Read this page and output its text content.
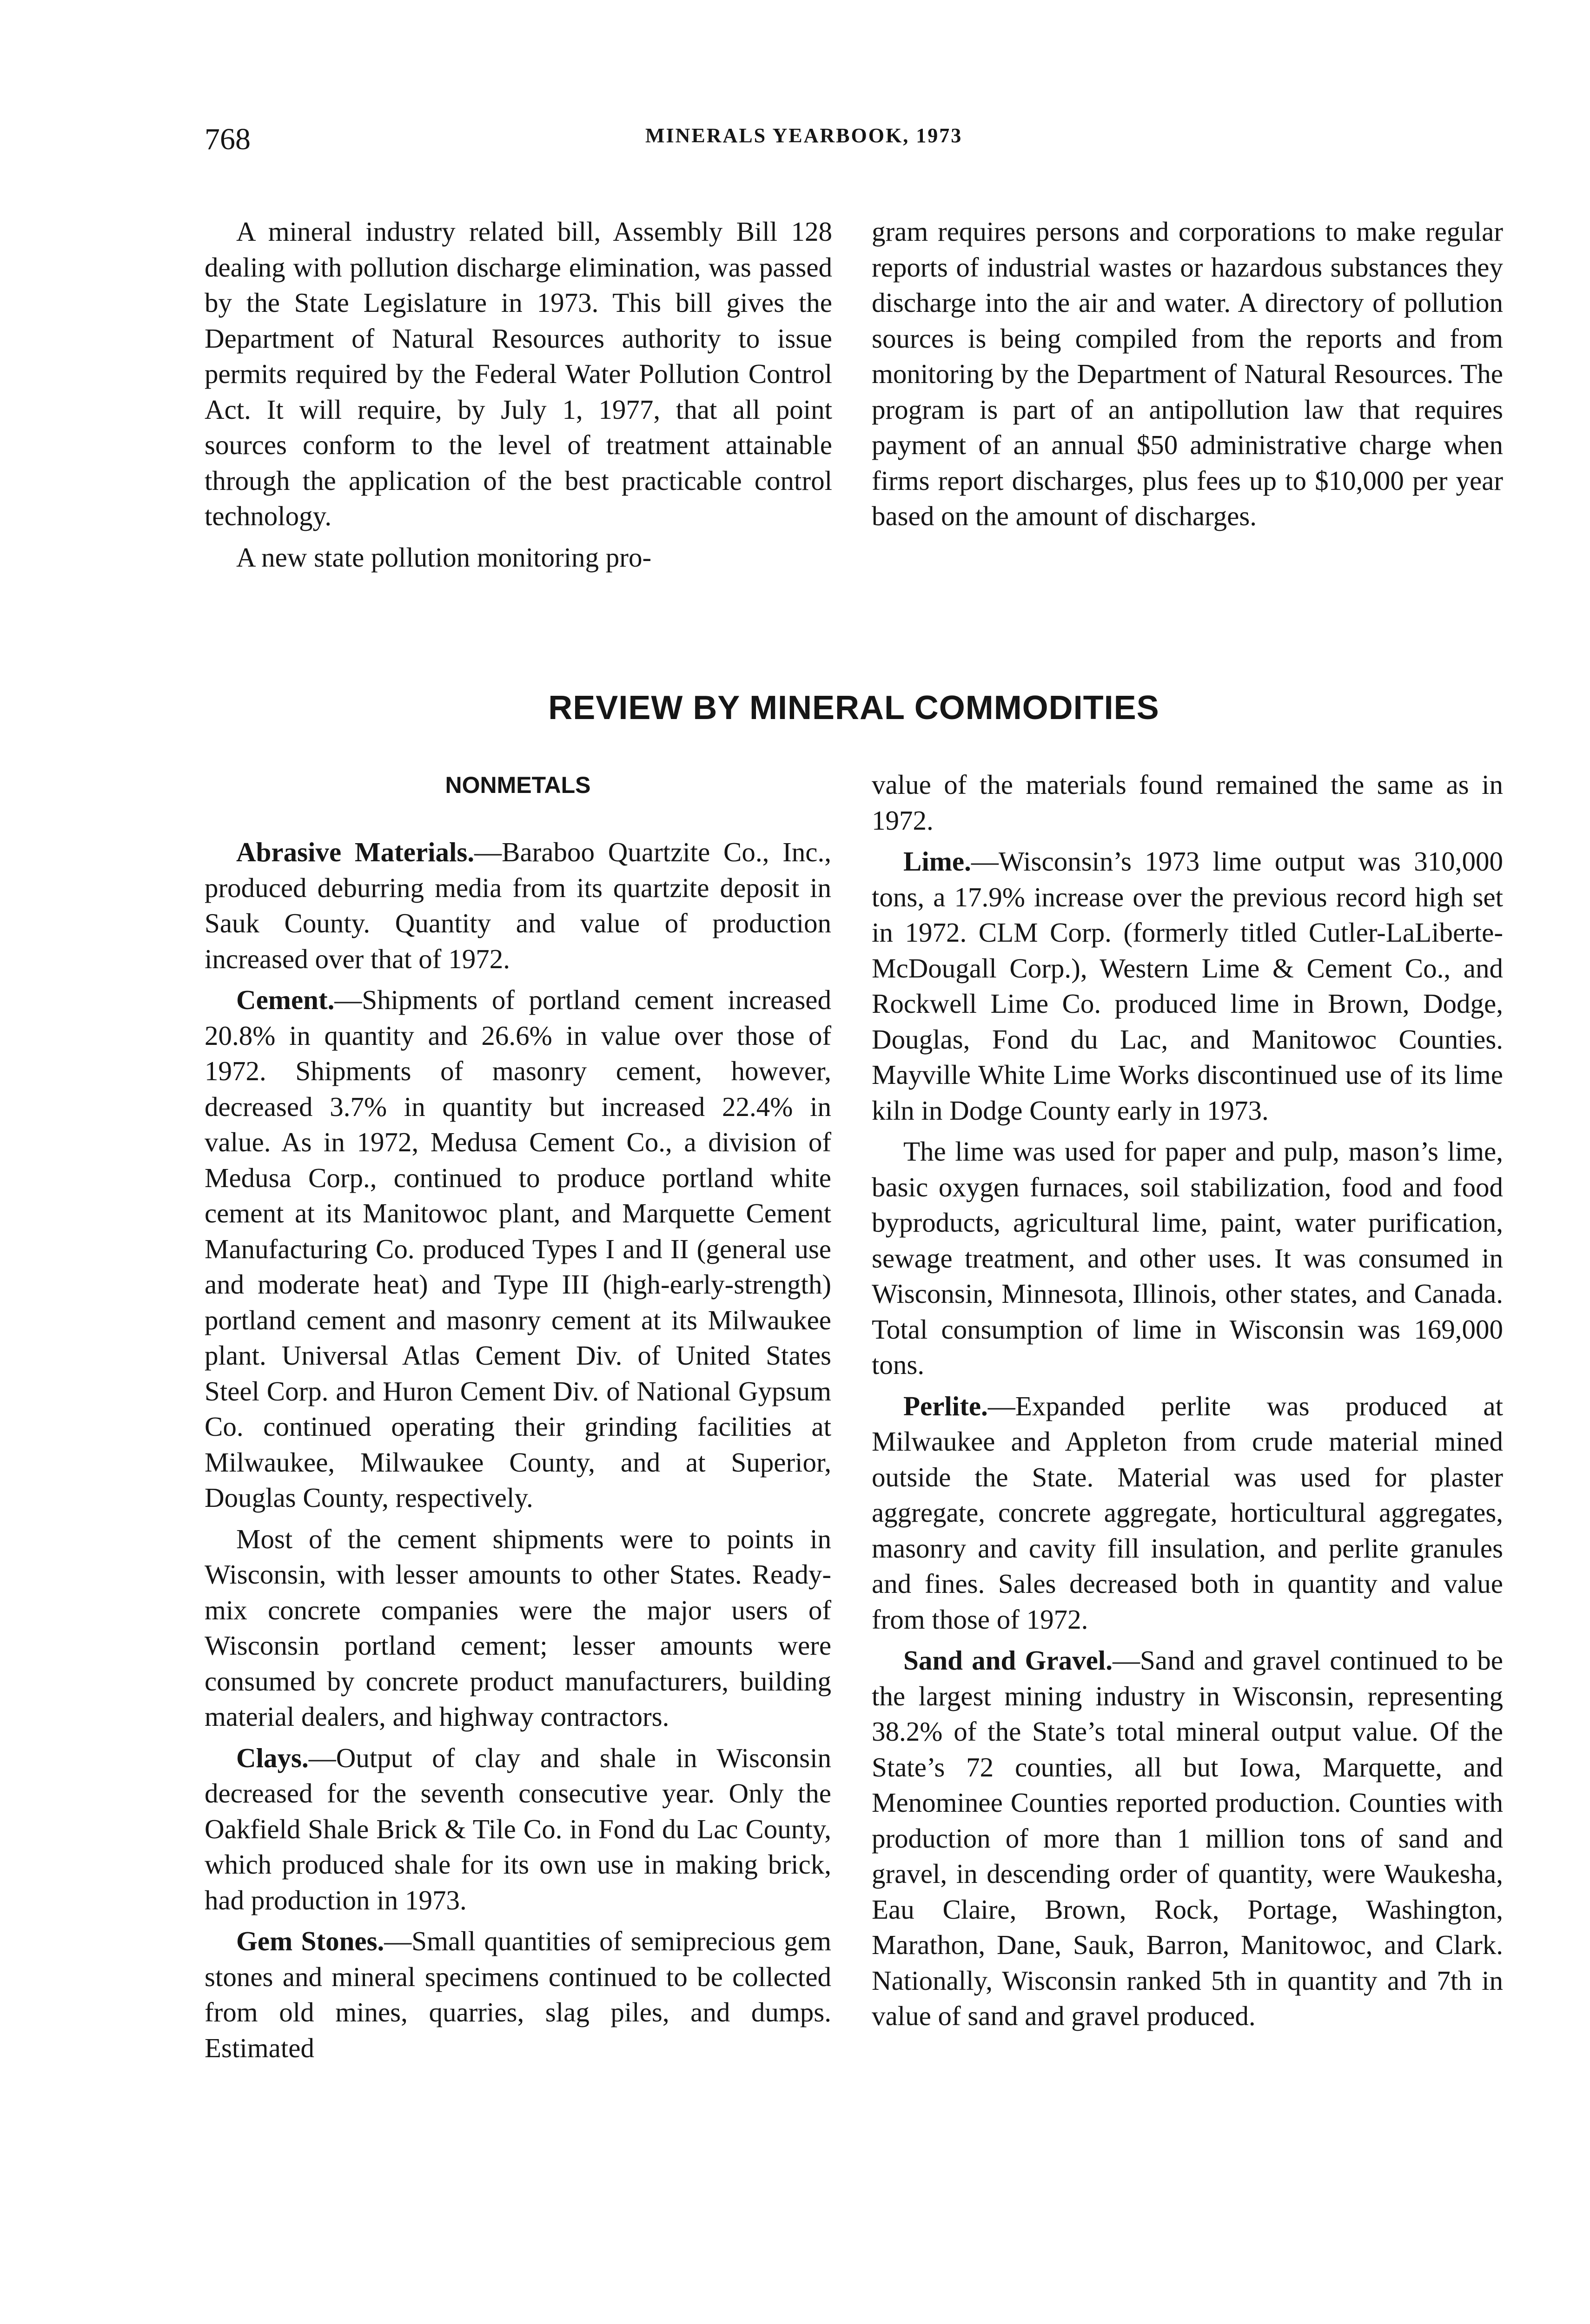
768	MINERALS YEARBOOK, 1973

A mineral industry related bill, Assembly Bill 128 dealing with pollution discharge elimination, was passed by the State Legislature in 1973. This bill gives the Department of Natural Resources authority to issue permits required by the Federal Water Pollution Control Act. It will require, by July 1, 1977, that all point sources conform to the level of treatment attainable through the application of the best practicable control technology.

A new state pollution monitoring pro-

gram requires persons and corporations to make regular reports of industrial wastes or hazardous substances they discharge into the air and water. A directory of pollution sources is being compiled from the reports and from monitoring by the Department of Natural Resources. The program is part of an antipollution law that requires payment of an annual $50 administrative charge when firms report discharges, plus fees up to $10,000 per year based on the amount of discharges.

REVIEW BY MINERAL COMMODITIES
NONMETALS

Abrasive Materials.—Baraboo Quartzite Co., Inc., produced deburring media from its quartzite deposit in Sauk County. Quantity and value of production increased over that of 1972.

Cement.—Shipments of portland cement increased 20.8% in quantity and 26.6% in value over those of 1972. Shipments of masonry cement, however, decreased 3.7% in quantity but increased 22.4% in value. As in 1972, Medusa Cement Co., a division of Medusa Corp., continued to produce portland white cement at its Manitowoc plant, and Marquette Cement Manufacturing Co. produced Types I and II (general use and moderate heat) and Type III (high-early-strength) portland cement and masonry cement at its Milwaukee plant. Universal Atlas Cement Div. of United States Steel Corp. and Huron Cement Div. of National Gypsum Co. continued operating their grinding facilities at Milwaukee, Milwaukee County, and at Superior, Douglas County, respectively.

Most of the cement shipments were to points in Wisconsin, with lesser amounts to other States. Ready-mix concrete companies were the major users of Wisconsin portland cement; lesser amounts were consumed by concrete product manufacturers, building material dealers, and highway contractors.

Clays.—Output of clay and shale in Wisconsin decreased for the seventh consecutive year. Only the Oakfield Shale Brick & Tile Co. in Fond du Lac County, which produced shale for its own use in making brick, had production in 1973.

Gem Stones.—Small quantities of semiprecious gem stones and mineral specimens continued to be collected from old mines, quarries, slag piles, and dumps. Estimated

value of the materials found remained the same as in 1972.

Lime.—Wisconsin’s 1973 lime output was 310,000 tons, a 17.9% increase over the previous record high set in 1972. CLM Corp. (formerly titled Cutler-LaLiberte-McDougall Corp.), Western Lime & Cement Co., and Rockwell Lime Co. produced lime in Brown, Dodge, Douglas, Fond du Lac, and Manitowoc Counties. Mayville White Lime Works discontinued use of its lime kiln in Dodge County early in 1973.

The lime was used for paper and pulp, mason’s lime, basic oxygen furnaces, soil stabilization, food and food byproducts, agricultural lime, paint, water purification, sewage treatment, and other uses. It was consumed in Wisconsin, Minnesota, Illinois, other states, and Canada. Total consumption of lime in Wisconsin was 169,000 tons.

Perlite.—Expanded perlite was produced at Milwaukee and Appleton from crude material mined outside the State. Material was used for plaster aggregate, concrete aggregate, horticultural aggregates, masonry and cavity fill insulation, and perlite granules and fines. Sales decreased both in quantity and value from those of 1972.

Sand and Gravel.—Sand and gravel continued to be the largest mining industry in Wisconsin, representing 38.2% of the State’s total mineral output value. Of the State’s 72 counties, all but Iowa, Marquette, and Menominee Counties reported production. Counties with production of more than 1 million tons of sand and gravel, in descending order of quantity, were Waukesha, Eau Claire, Brown, Rock, Portage, Washington, Marathon, Dane, Sauk, Barron, Manitowoc, and Clark. Nationally, Wisconsin ranked 5th in quantity and 7th in value of sand and gravel produced.
